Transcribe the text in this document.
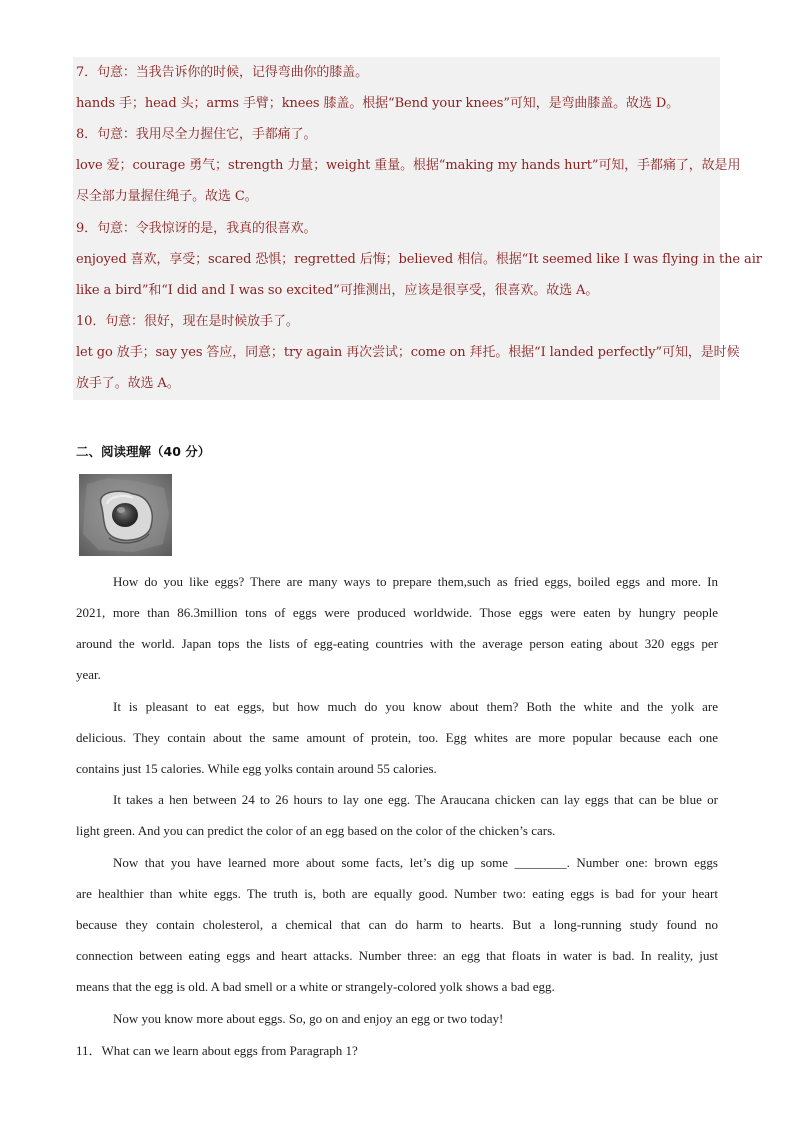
7．句意：当我告诉你的时候，记得弯曲你的膝盖。
hands 手；head 头；arms 手臂；knees 膝盖。根据“Bend your knees”可知，是弯曲膝盖。故选 D。
8．句意：我用尽全力握住它，手都痛了。
love 爱；courage 勇气；strength 力量；weight 重量。根据“making my hands hurt”可知，手都痛了，故是用
尽全部力量握住绳子。故选 C。
9．句意：令我惊讶的是，我真的很喜欢。
enjoyed 喜欢，享受；scared 恐惧；regretted 后悔；believed 相信。根据“It seemed like I was flying in the air
like a bird”和“I did and I was so excited”可推测出，应该是很享受，很喜欢。故选 A。
10．句意：很好，现在是时候放手了。
let go 放手；say yes 答应，同意；try again 再次尝试；come on 拜托。根据“I landed perfectly”可知，是时候
放手了。故选 A。
二、阅读理解（40 分）
How do you like eggs? There are many ways to prepare them,such as fried eggs, boiled eggs and more. In
2021, more than 86.3million tons of eggs were produced worldwide. Those eggs were eaten by hungry people
around the world. Japan tops the lists of egg-eating countries with the average person eating about 320 eggs per
year.
It is pleasant to eat eggs, but how much do you know about them? Both the white and the yolk are
delicious. They contain about the same amount of protein, too. Egg whites are more popular because each one
contains just 15 calories. While egg yolks contain around 55 calories.
It takes a hen between 24 to 26 hours to lay one egg. The Araucana chicken can lay eggs that can be blue or
light green. And you can predict the color of an egg based on the color of the chicken’s cars.
Now that you have learned more about some facts, let’s dig up some ________. Number one: brown eggs
are healthier than white eggs. The truth is, both are equally good. Number two: eating eggs is bad for your heart
because they contain cholesterol, a chemical that can do harm to hearts. But a long-running study found no
connection between eating eggs and heart attacks. Number three: an egg that floats in water is bad. In reality, just
means that the egg is old. A bad smell or a white or strangely-colored yolk shows a bad egg.
Now you know more about eggs. So, go on and enjoy an egg or two today!
11．What can we learn about eggs from Paragraph 1?
